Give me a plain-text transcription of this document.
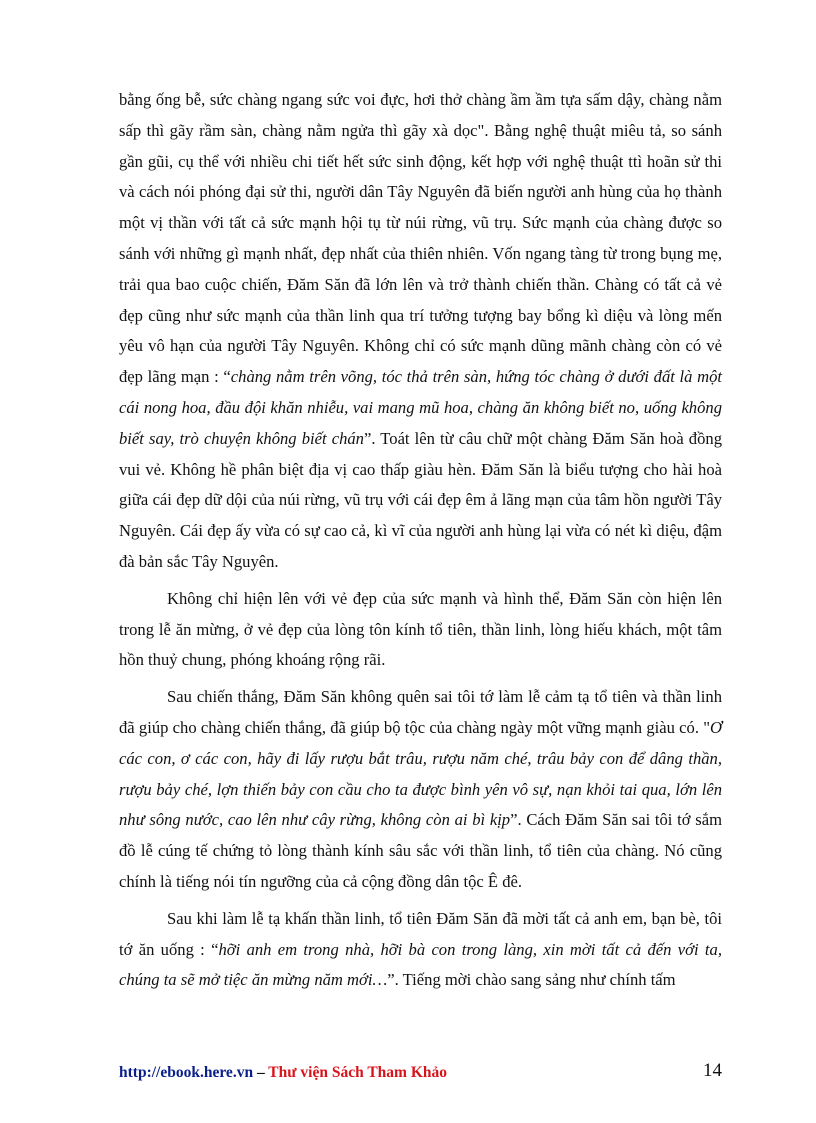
bằng ống bễ, sức chàng ngang sức voi đực, hơi thở chàng ầm ầm tựa sấm dậy, chàng nằm sấp thì gãy rầm sàn, chàng nằm ngửa thì gãy xà dọc". Bằng nghệ thuật miêu tả, so sánh gần gũi, cụ thể với nhiều chi tiết hết sức sinh động, kết hợp với nghệ thuật ttì hoãn sử thi và cách nói phóng đại sử thi, người dân Tây Nguyên đã biến người anh hùng của họ thành một vị thần với tất cả sức mạnh hội tụ từ núi rừng, vũ trụ. Sức mạnh của chàng được so sánh với những gì mạnh nhất, đẹp nhất của thiên nhiên. Vốn ngang tàng từ trong bụng mẹ, trải qua bao cuộc chiến, Đăm Săn đã lớn lên và trở thành chiến thần. Chàng có tất cả vẻ đẹp cũng như sức mạnh của thần linh qua trí tưởng tượng bay bổng kì diệu và lòng mến yêu vô hạn của người Tây Nguyên. Không chỉ có sức mạnh dũng mãnh chàng còn có vẻ đẹp lãng mạn : “chàng nằm trên võng, tóc thả trên sàn, hứng tóc chàng ở dưới đất là một cái nong hoa, đầu đội khăn nhiễu, vai mang mũ hoa, chàng ăn không biết no, uống không biết say, trò chuyện không biết chán”. Toát lên từ câu chữ một chàng Đăm Săn hoà đồng vui vẻ. Không hề phân biệt địa vị cao thấp giàu hèn. Đăm Săn là biểu tượng cho hài hoà giữa cái đẹp dữ dội của núi rừng, vũ trụ với cái đẹp êm ả lãng mạn của tâm hồn người Tây Nguyên. Cái đẹp ấy vừa có sự cao cả, kì vĩ của người anh hùng lại vừa có nét kì diệu, đậm đà bản sắc Tây Nguyên.

Không chỉ hiện lên với vẻ đẹp của sức mạnh và hình thể, Đăm Săn còn hiện lên trong lễ ăn mừng, ở vẻ đẹp của lòng tôn kính tổ tiên, thần linh, lòng hiếu khách, một tâm hồn thuỷ chung, phóng khoáng rộng rãi.

Sau chiến thắng, Đăm Săn không quên sai tôi tớ làm lễ cảm tạ tổ tiên và thần linh đã giúp cho chàng chiến thắng, đã giúp bộ tộc của chàng ngày một vững mạnh giàu có. "Ơ các con, ơ các con, hãy đi lấy rượu bắt trâu, rượu năm ché, trâu bảy con để dâng thần, rượu bảy ché, lợn thiến bảy con cầu cho ta được bình yên vô sự, nạn khỏi tai qua, lớn lên như sông nước, cao lên như cây rừng, không còn ai bì kịp”. Cách Đăm Săn sai tôi tớ sắm đồ lễ cúng tế chứng tỏ lòng thành kính sâu sắc với thần linh, tổ tiên của chàng. Nó cũng chính là tiếng nói tín ngưỡng của cả cộng đồng dân tộc Ê đê.

Sau khi làm lễ tạ khấn thần linh, tổ tiên Đăm Săn đã mời tất cả anh em, bạn bè, tôi tớ ăn uống : “hỡi anh em trong nhà, hỡi bà con trong làng, xin mời tất cả đến với ta, chúng ta sẽ mở tiệc ăn mừng năm mới…”. Tiếng mời chào sang sảng như chính tấm

http://ebook.here.vn – Thư viện Sách Tham Khảo	14
